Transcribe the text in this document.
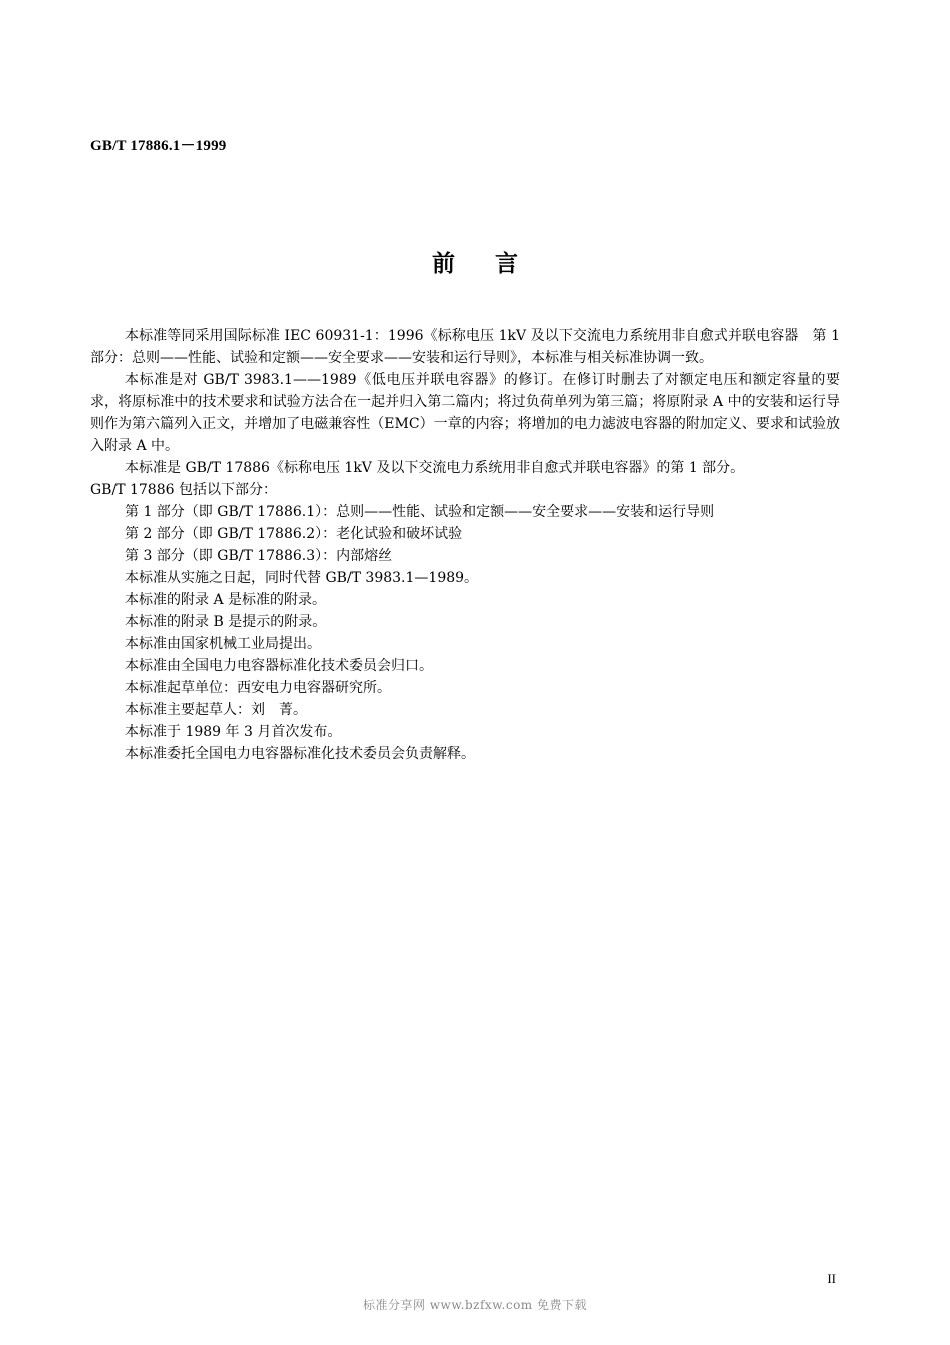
GB/T 17886.1－1999
前言

本标准等同采用国际标准 IEC 60931-1：1996《标称电压 1kV 及以下交流电力系统用非自愈式并联电容器　第 1 部分：总则——性能、试验和定额——安全要求——安装和运行导则》，本标准与相关标准协调一致。

本标准是对 GB/T 3983.1——1989《低电压并联电容器》的修订。在修订时删去了对额定电压和额定容量的要求，将原标准中的技术要求和试验方法合在一起并归入第二篇内；将过负荷单列为第三篇；将原附录 A 中的安装和运行导则作为第六篇列入正文，并增加了电磁兼容性（EMC）一章的内容；将增加的电力滤波电容器的附加定义、要求和试验放入附录 A 中。

本标准是 GB/T 17886《标称电压 1kV 及以下交流电力系统用非自愈式并联电容器》的第 1 部分。

GB/T 17886 包括以下部分：

第 1 部分（即 GB/T 17886.1）：总则——性能、试验和定额——安全要求——安装和运行导则

第 2 部分（即 GB/T 17886.2）：老化试验和破坏试验

第 3 部分（即 GB/T 17886.3）：内部熔丝

本标准从实施之日起，同时代替 GB/T 3983.1—1989。

本标准的附录 A 是标准的附录。

本标准的附录 B 是提示的附录。

本标准由国家机械工业局提出。

本标准由全国电力电容器标准化技术委员会归口。

本标准起草单位：西安电力电容器研究所。

本标准主要起草人：刘　菁。

本标准于 1989 年 3 月首次发布。

本标准委托全国电力电容器标准化技术委员会负责解释。

II
标准分享网 www.bzfxw.com 免费下载
